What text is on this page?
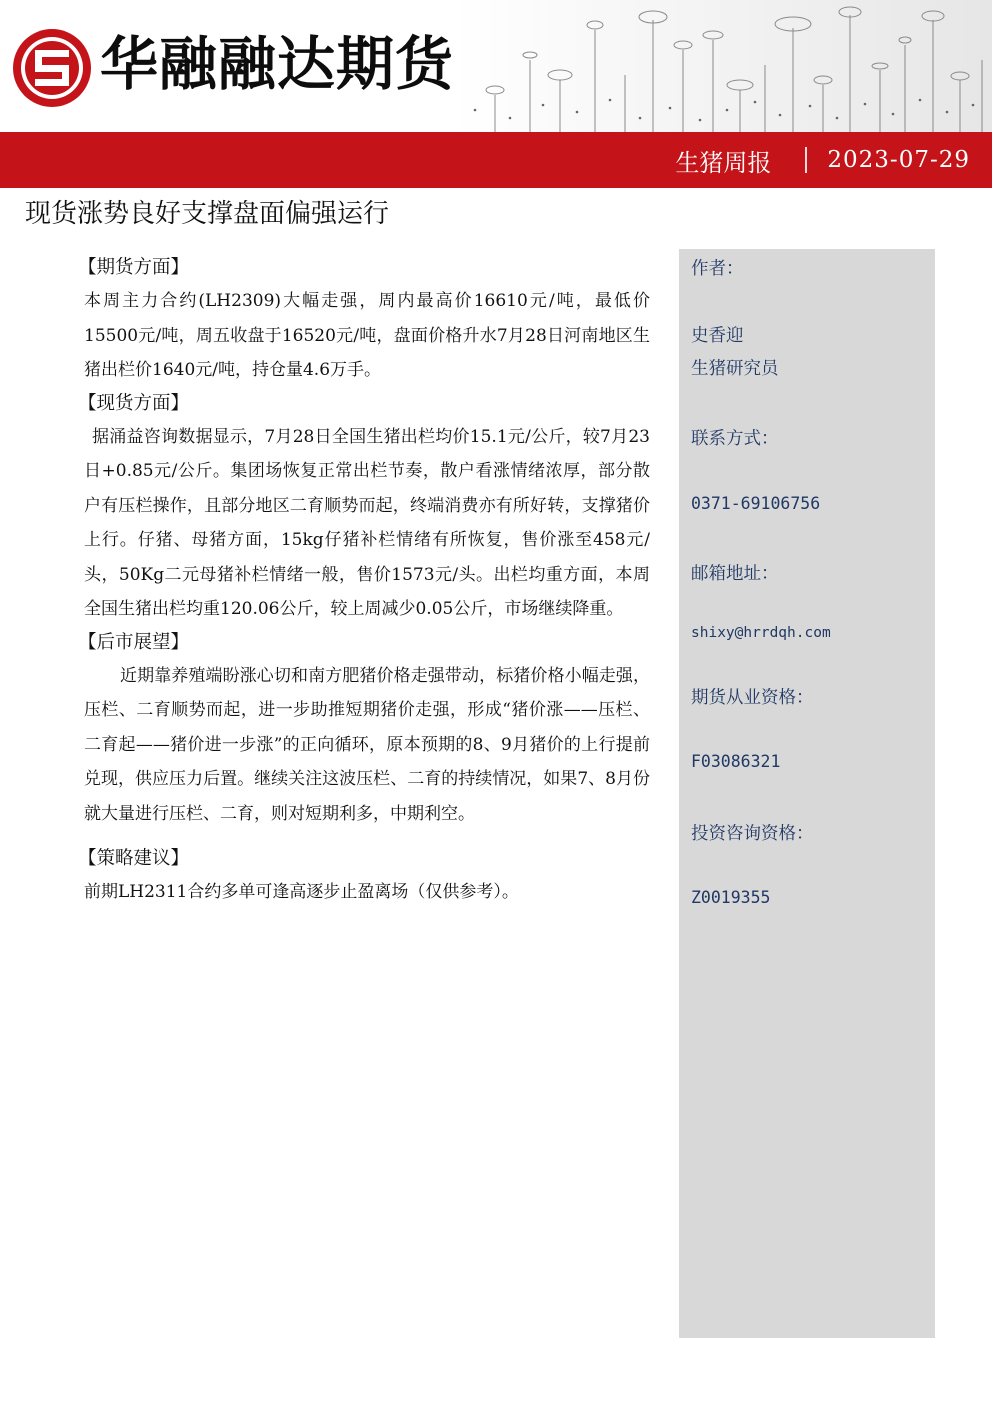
华融融达期货
生猪周报 2023-07-29
现货涨势良好支撑盘面偏强运行

【期货方面】

本周主力合约(LH2309)大幅走强，周内最高价16610元/吨，最低价15500元/吨，周五收盘于16520元/吨，盘面价格升水7月28日河南地区生猪出栏价1640元/吨，持仓量4.6万手。

【现货方面】

据涌益咨询数据显示，7月28日全国生猪出栏均价15.1元/公斤，较7月23日+0.85元/公斤。集团场恢复正常出栏节奏，散户看涨情绪浓厚，部分散户有压栏操作，且部分地区二育顺势而起，终端消费亦有所好转，支撑猪价上行。仔猪、母猪方面，15kg仔猪补栏情绪有所恢复，售价涨至458元/头，50Kg二元母猪补栏情绪一般，售价1573元/头。出栏均重方面，本周全国生猪出栏均重120.06公斤，较上周减少0.05公斤，市场继续降重。

【后市展望】

近期靠养殖端盼涨心切和南方肥猪价格走强带动，标猪价格小幅走强，压栏、二育顺势而起，进一步助推短期猪价走强，形成“猪价涨——压栏、二育起——猪价进一步涨”的正向循环，原本预期的8、9月猪价的上行提前兑现，供应压力后置。继续关注这波压栏、二育的持续情况，如果7、8月份就大量进行压栏、二育，则对短期利多，中期利空。

【策略建议】

前期LH2311合约多单可逢高逐步止盈离场（仅供参考）。

作者：
史香迎
生猪研究员
联系方式：
0371-69106756
邮箱地址：
shixy@hrrdqh.com
期货从业资格：
F03086321
投资咨询资格：
Z0019355
